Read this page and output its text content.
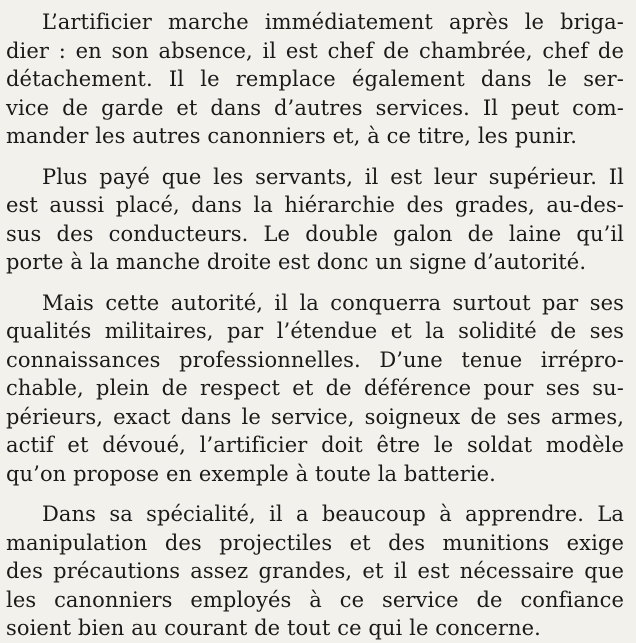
L’artificier marche immédiatement après le briga-
dier : en son absence, il est chef de chambrée, chef de
détachement. Il le remplace également dans le ser-
vice de garde et dans d’autres services. Il peut com-
mander les autres canonniers et, à ce titre, les punir.
Plus payé que les servants, il est leur supérieur. Il
est aussi placé, dans la hiérarchie des grades, au-des-
sus des conducteurs. Le double galon de laine qu’il
porte à la manche droite est donc un signe d’autorité.
Mais cette autorité, il la conquerra surtout par ses
qualités militaires, par l’étendue et la solidité de ses
connaissances professionnelles. D’une tenue irrépro-
chable, plein de respect et de déférence pour ses su-
périeurs, exact dans le service, soigneux de ses armes,
actif et dévoué, l’artificier doit être le soldat modèle
qu’on propose en exemple à toute la batterie.
Dans sa spécialité, il a beaucoup à apprendre. La
manipulation des projectiles et des munitions exige
des précautions assez grandes, et il est nécessaire que
les canonniers employés à ce service de confiance
soient bien au courant de tout ce qui le concerne.
